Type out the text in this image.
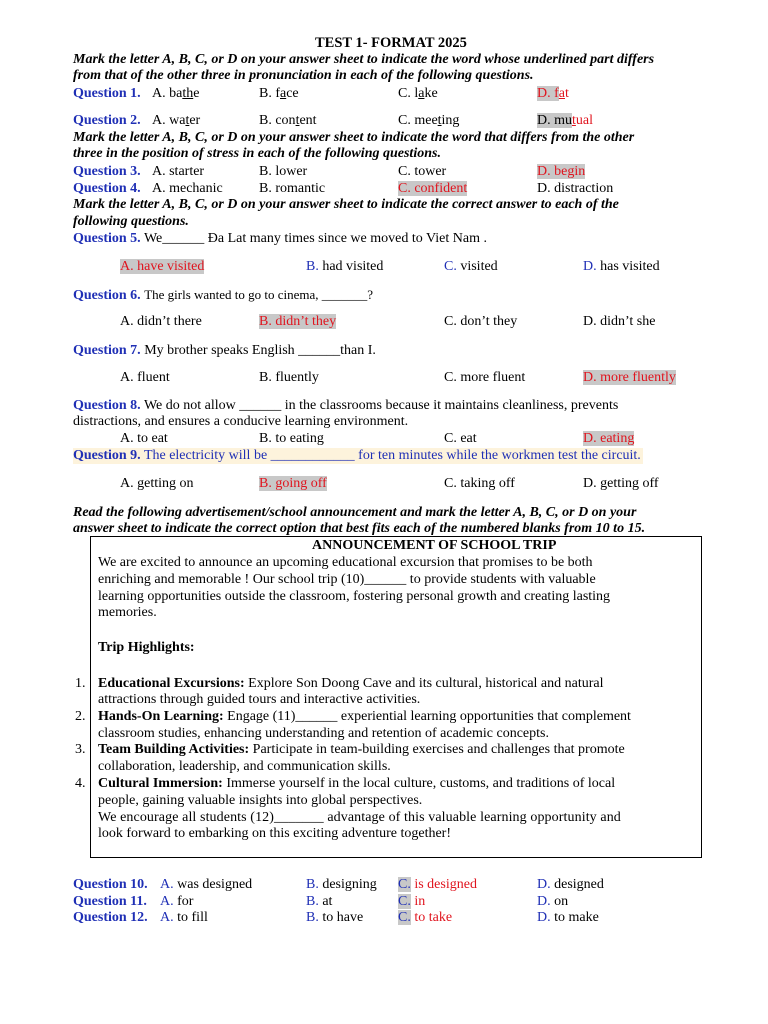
TEST 1- FORMAT 2025
Mark the letter A, B, C, or D on your answer sheet to indicate the word whose underlined part differs
from that of the other three in pronunciation in each of the following questions.
Question 1. A. bathe	B. face	C. lake	D. fat
Question 2. A. water	B. content	C. meeting	D. mutual
Mark the letter A, B, C, or D on your answer sheet to indicate the word that differs from the other
three in the position of stress in each of the following questions.
Question 3. A. starter	B. lower	C. tower	D. begin
Question 4. A. mechanic	B. romantic	C. confident	D. distraction
Mark the letter A, B, C, or D on your answer sheet to indicate the correct answer to each of the
following questions.
Question 5. We______ Đa Lat many times since we moved to Viet Nam .
A. have visited	B. had visited	C. visited	D. has visited
Question 6. The girls wanted to go to cinema, _______?
A. didn’t there	B. didn’t they	C. don’t they	D. didn’t she
Question 7. My brother speaks English ______than I.
A. fluent	B. fluently	C. more fluent	D. more fluently
Question 8. We do not allow ______ in the classrooms because it maintains cleanliness, prevents
distractions, and ensures a conducive learning environment.
A. to eat	B. to eating	C. eat	D. eating
Question 9. The electricity will be ____________ for ten minutes while the workmen test the circuit.
A. getting on	B. going off	C. taking off	D. getting off
Read the following advertisement/school announcement and mark the letter A, B, C, or D on your
answer sheet to indicate the correct option that best fits each of the numbered blanks from 10 to 15.
ANNOUNCEMENT OF SCHOOL TRIP
We are excited to announce an upcoming educational excursion that promises to be both
enriching and memorable ! Our school trip (10)______ to provide students with valuable
learning opportunities outside the classroom, fostering personal growth and creating lasting
memories.
Trip Highlights:
1. Educational Excursions: Explore Son Doong Cave and its cultural, historical and natural
attractions through guided tours and interactive activities.
2. Hands-On Learning: Engage (11)______ experiential learning opportunities that complement
classroom studies, enhancing understanding and retention of academic concepts.
3. Team Building Activities: Participate in team-building exercises and challenges that promote
collaboration, leadership, and communication skills.
4. Cultural Immersion: Immerse yourself in the local culture, customs, and traditions of local
people, gaining valuable insights into global perspectives.
We encourage all students (12)_______ advantage of this valuable learning opportunity and
look forward to embarking on this exciting adventure together!
Question 10. A. was designed	B. designing C. is designed	D. designed
Question 11. A. for	B. at	C. in	D. on
Question 12. A. to fill	B. to have C. to take	D. to make
